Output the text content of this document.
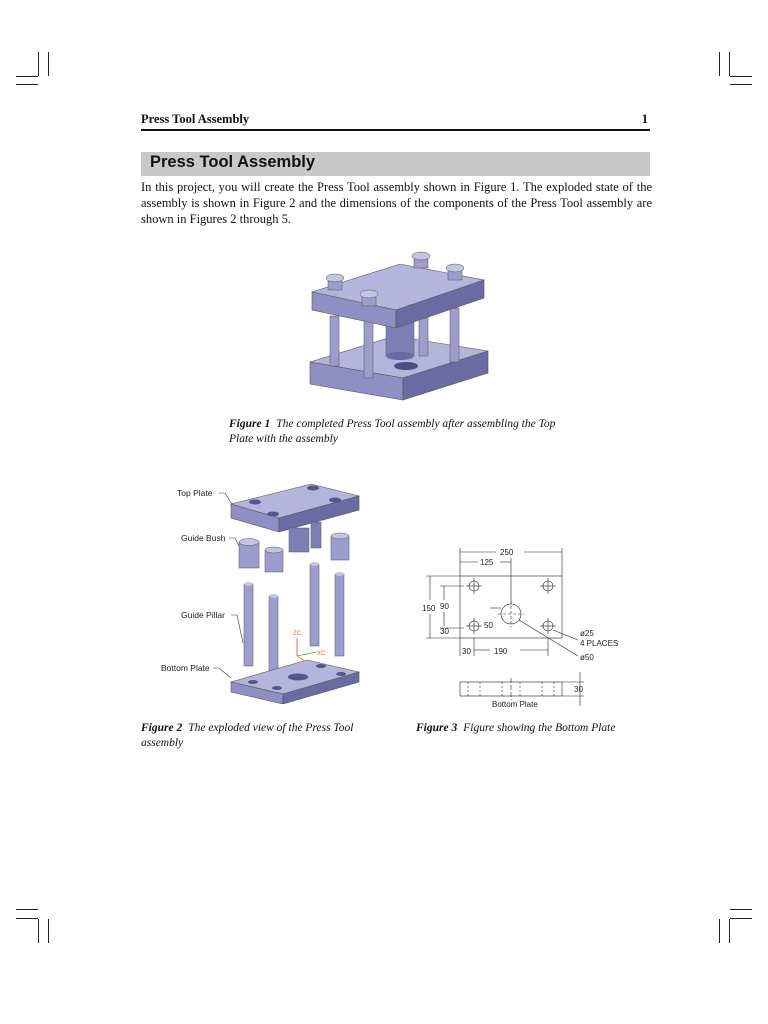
Press Tool Assembly	1
Press Tool Assembly

In this project, you will create the Press Tool assembly shown in Figure 1. The exploded state of the assembly is shown in Figure 2 and the dimensions of the components of the Press Tool assembly are shown in Figures 2 through 5.

Figure 1 The completed Press Tool assembly after assembling the Top Plate with the assembly

Top Plate
Guide Bush
Guide Pillar
Bottom Plate
ZC
XC

Figure 2 The exploded view of the Press Tool assembly

250
125
150 90
30
50
30	190
ø25
4 PLACES
ø50
30
Bottom Plate

Figure 3 Figure showing the Bottom Plate
